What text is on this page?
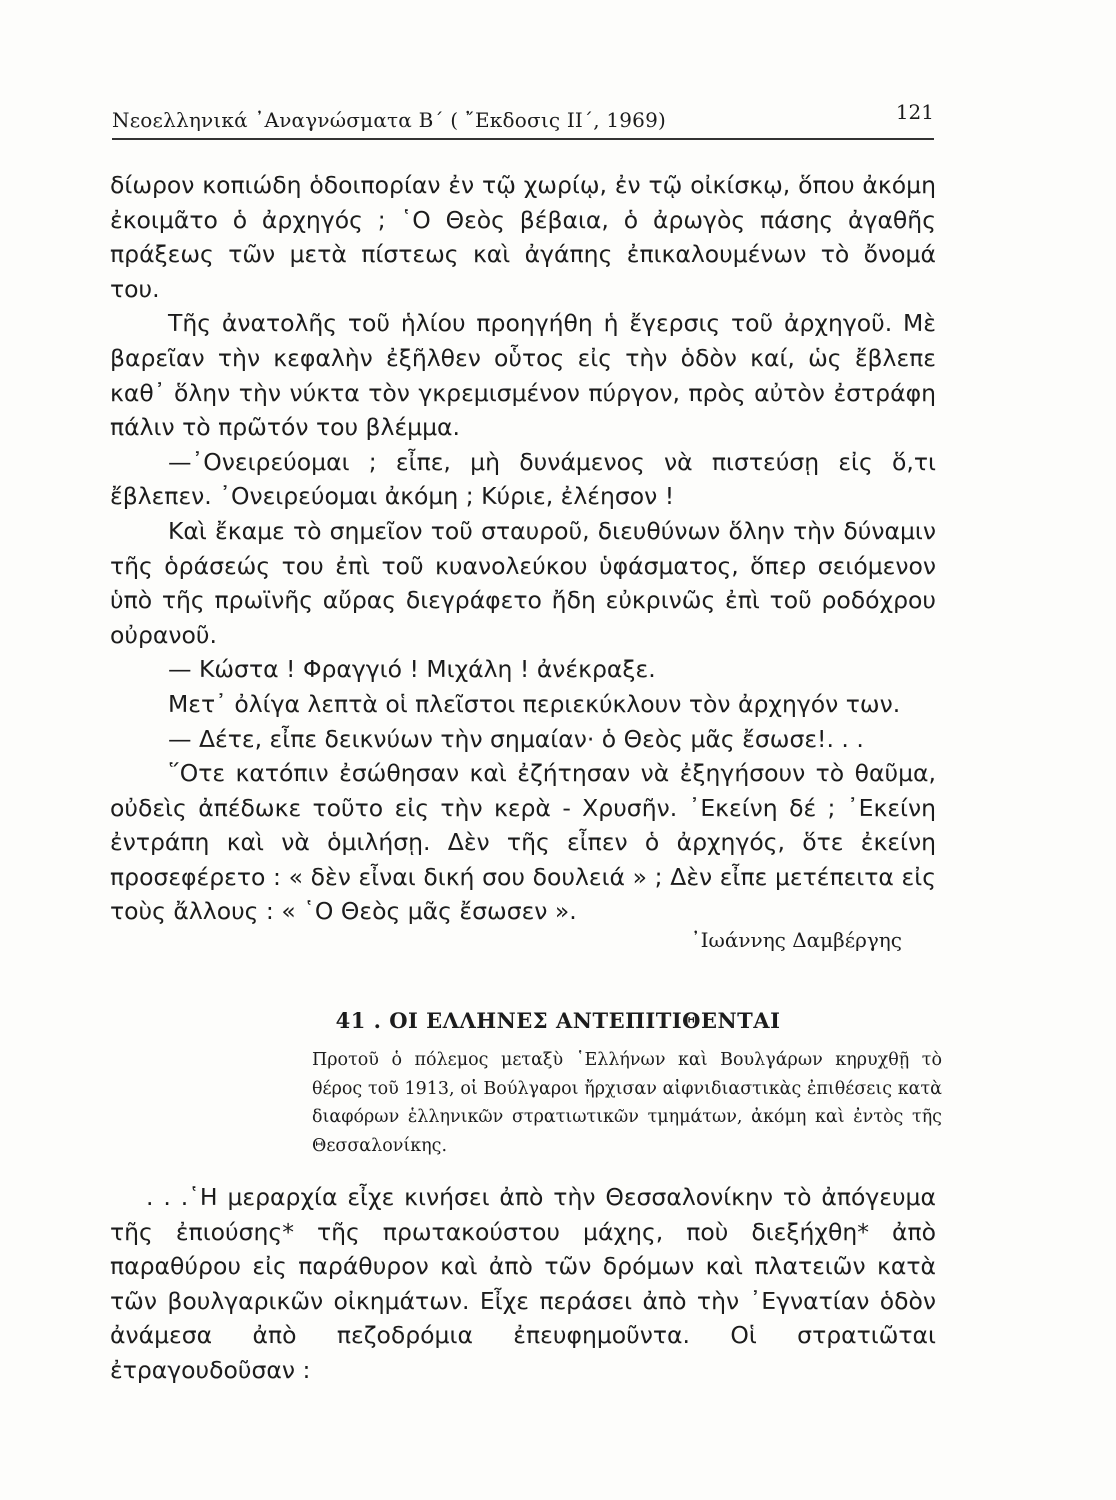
Νεοελληνικά ᾿Αναγνώσματα Β΄ ( ῎Εκδοσις ΙΙ΄, 1969)	121

δίωρον κοπιώδη ὁδοιπορίαν ἐν τῷ χωρίῳ, ἐν τῷ οἰκίσκῳ, ὅπου ἀκόμη ἐκοιμᾶτο ὁ ἀρχηγός ; ῾Ο Θεὸς βέβαια, ὁ ἀρωγὸς πάσης ἀγαθῆς πράξεως τῶν μετὰ πίστεως καὶ ἀγάπης ἐπικαλουμένων τὸ ὄνομά του.

Τῆς ἀνατολῆς τοῦ ἡλίου προηγήθη ἡ ἔγερσις τοῦ ἀρχηγοῦ. Μὲ βαρεῖαν τὴν κεφαλὴν ἐξῆλθεν οὗτος εἰς τὴν ὁδὸν καί, ὡς ἔβλεπε καθ᾿ ὅλην τὴν νύκτα τὸν γκρεμισμένον πύργον, πρὸς αὐτὸν ἐστράφη πάλιν τὸ πρῶτόν του βλέμμα.

—᾿Ονειρεύομαι ; εἶπε, μὴ δυνάμενος νὰ πιστεύσῃ εἰς ὅ,τι ἔβλεπεν. ᾿Ονειρεύομαι ἀκόμη ; Κύριε, ἐλέησον !

Καὶ ἔκαμε τὸ σημεῖον τοῦ σταυροῦ, διευθύνων ὅλην τὴν δύναμιν τῆς ὁράσεώς του ἐπὶ τοῦ κυανολεύκου ὑφάσματος, ὅπερ σειόμενον ὑπὸ τῆς πρωϊνῆς αὔρας διεγράφετο ἤδη εὐκρινῶς ἐπὶ τοῦ ροδόχρου οὐρανοῦ.

— Κώστα ! Φραγγιό ! Μιχάλη ! ἀνέκραξε.

Μετ᾿ ὀλίγα λεπτὰ οἱ πλεῖστοι περιεκύκλουν τὸν ἀρχηγόν των.

— Δέτε, εἶπε δεικνύων τὴν σημαίαν· ὁ Θεὸς μᾶς ἔσωσε!. . .

῞Οτε κατόπιν ἐσώθησαν καὶ ἐζήτησαν νὰ ἐξηγήσουν τὸ θαῦμα, οὐδεὶς ἀπέδωκε τοῦτο εἰς τὴν κερὰ - Χρυσῆν. ᾿Εκείνη δέ ; ᾿Εκείνη ἐντράπη καὶ νὰ ὁμιλήσῃ. Δὲν τῆς εἶπεν ὁ ἀρχηγός, ὅτε ἐκείνη προσεφέρετο : « δὲν εἶναι δική σου δουλειά » ; Δὲν εἶπε μετέπειτα εἰς τοὺς ἄλλους : « ῾Ο Θεὸς μᾶς ἔσωσεν ».

᾿Ιωάννης Δαμβέργης
41 . ΟΙ ΕΛΛΗΝΕΣ ΑΝΤΕΠΙΤΙΘΕΝΤΑΙ
Προτοῦ ὁ πόλεμος μεταξὺ ῾Ελλήνων καὶ Βουλγάρων κηρυχθῇ τὸ θέρος τοῦ 1913, οἱ Βούλγαροι ἤρχισαν αἰφνιδιαστικὰς ἐπιθέσεις κατὰ διαφόρων ἑλληνικῶν στρατιωτικῶν τμημάτων, ἀκόμη καὶ ἐντὸς τῆς Θεσσαλονίκης.

. . .῾Η μεραρχία εἶχε κινήσει ἀπὸ τὴν Θεσσαλονίκην τὸ ἀπόγευμα τῆς ἐπιούσης* τῆς πρωτακούστου μάχης, ποὺ διεξήχθη* ἀπὸ παραθύρου εἰς παράθυρον καὶ ἀπὸ τῶν δρόμων καὶ πλατειῶν κατὰ τῶν βουλγαρικῶν οἰκημάτων. Εἶχε περάσει ἀπὸ τὴν ᾿Εγνατίαν ὁδὸν ἀνάμεσα ἀπὸ πεζοδρόμια ἐπευφημοῦντα. Οἱ στρατιῶται ἐτραγουδοῦσαν :
